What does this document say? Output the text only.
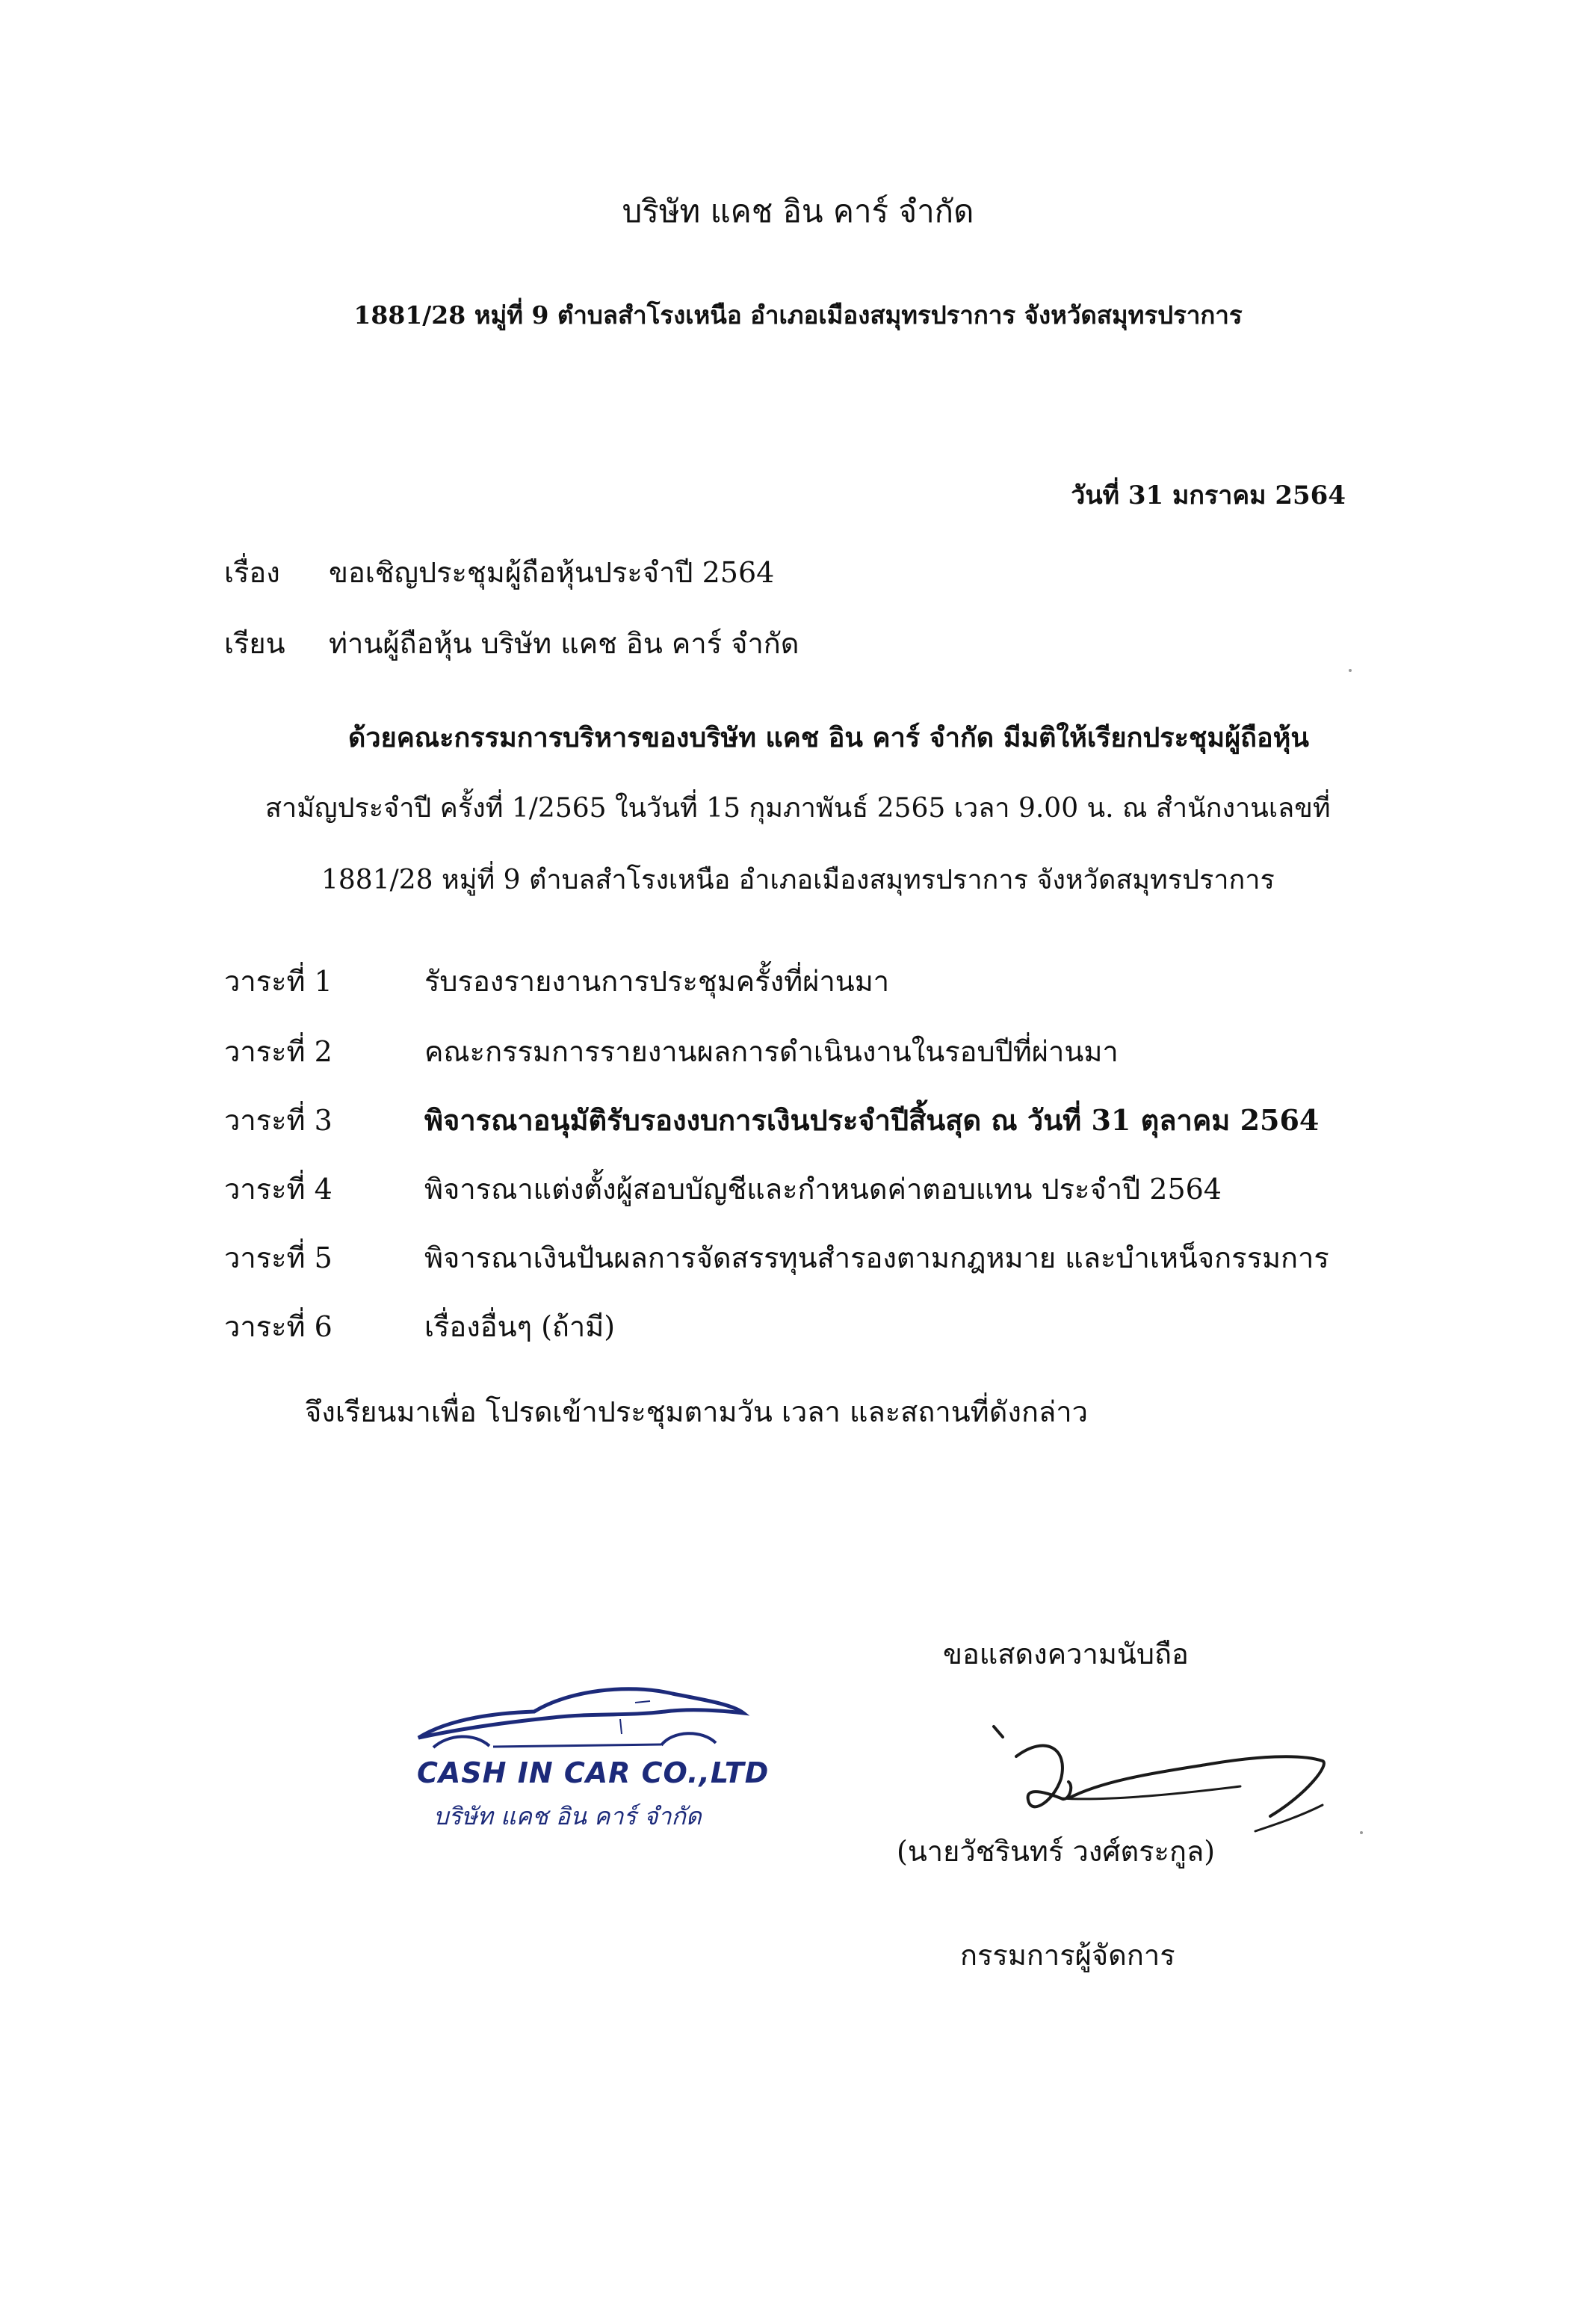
บริษัท แคช อิน คาร์ จำกัด
1881/28 หมู่ที่ 9 ตำบลสำโรงเหนือ อำเภอเมืองสมุทรปราการ จังหวัดสมุทรปราการ
วันที่ 31 มกราคม 2564
เรื่อง ขอเชิญประชุมผู้ถือหุ้นประจำปี 2564
เรียน ท่านผู้ถือหุ้น บริษัท แคช อิน คาร์ จำกัด
ด้วยคณะกรรมการบริหารของบริษัท แคช อิน คาร์ จำกัด มีมติให้เรียกประชุมผู้ถือหุ้น
สามัญประจำปี ครั้งที่ 1/2565 ในวันที่ 15 กุมภาพันธ์ 2565 เวลา 9.00 น. ณ สำนักงานเลขที่
1881/28 หมู่ที่ 9 ตำบลสำโรงเหนือ อำเภอเมืองสมุทรปราการ จังหวัดสมุทรปราการ
วาระที่ 1	รับรองรายงานการประชุมครั้งที่ผ่านมา
วาระที่ 2	คณะกรรมการรายงานผลการดำเนินงานในรอบปีที่ผ่านมา
วาระที่ 3	พิจารณาอนุมัติรับรองงบการเงินประจำปีสิ้นสุด ณ วันที่ 31 ตุลาคม 2564
วาระที่ 4	พิจารณาแต่งตั้งผู้สอบบัญชีและกำหนดค่าตอบแทน ประจำปี 2564
วาระที่ 5	พิจารณาเงินปันผลการจัดสรรทุนสำรองตามกฎหมาย และบำเหน็จกรรมการ
วาระที่ 6	เรื่องอื่นๆ (ถ้ามี)
จึงเรียนมาเพื่อ โปรดเข้าประชุมตามวัน เวลา และสถานที่ดังกล่าว
ขอแสดงความนับถือ
CASH IN CAR CO.,LTD
บริษัท แคช อิน คาร์ จำกัด
(นายวัชรินทร์ วงศ์ตระกูล)
กรรมการผู้จัดการ
